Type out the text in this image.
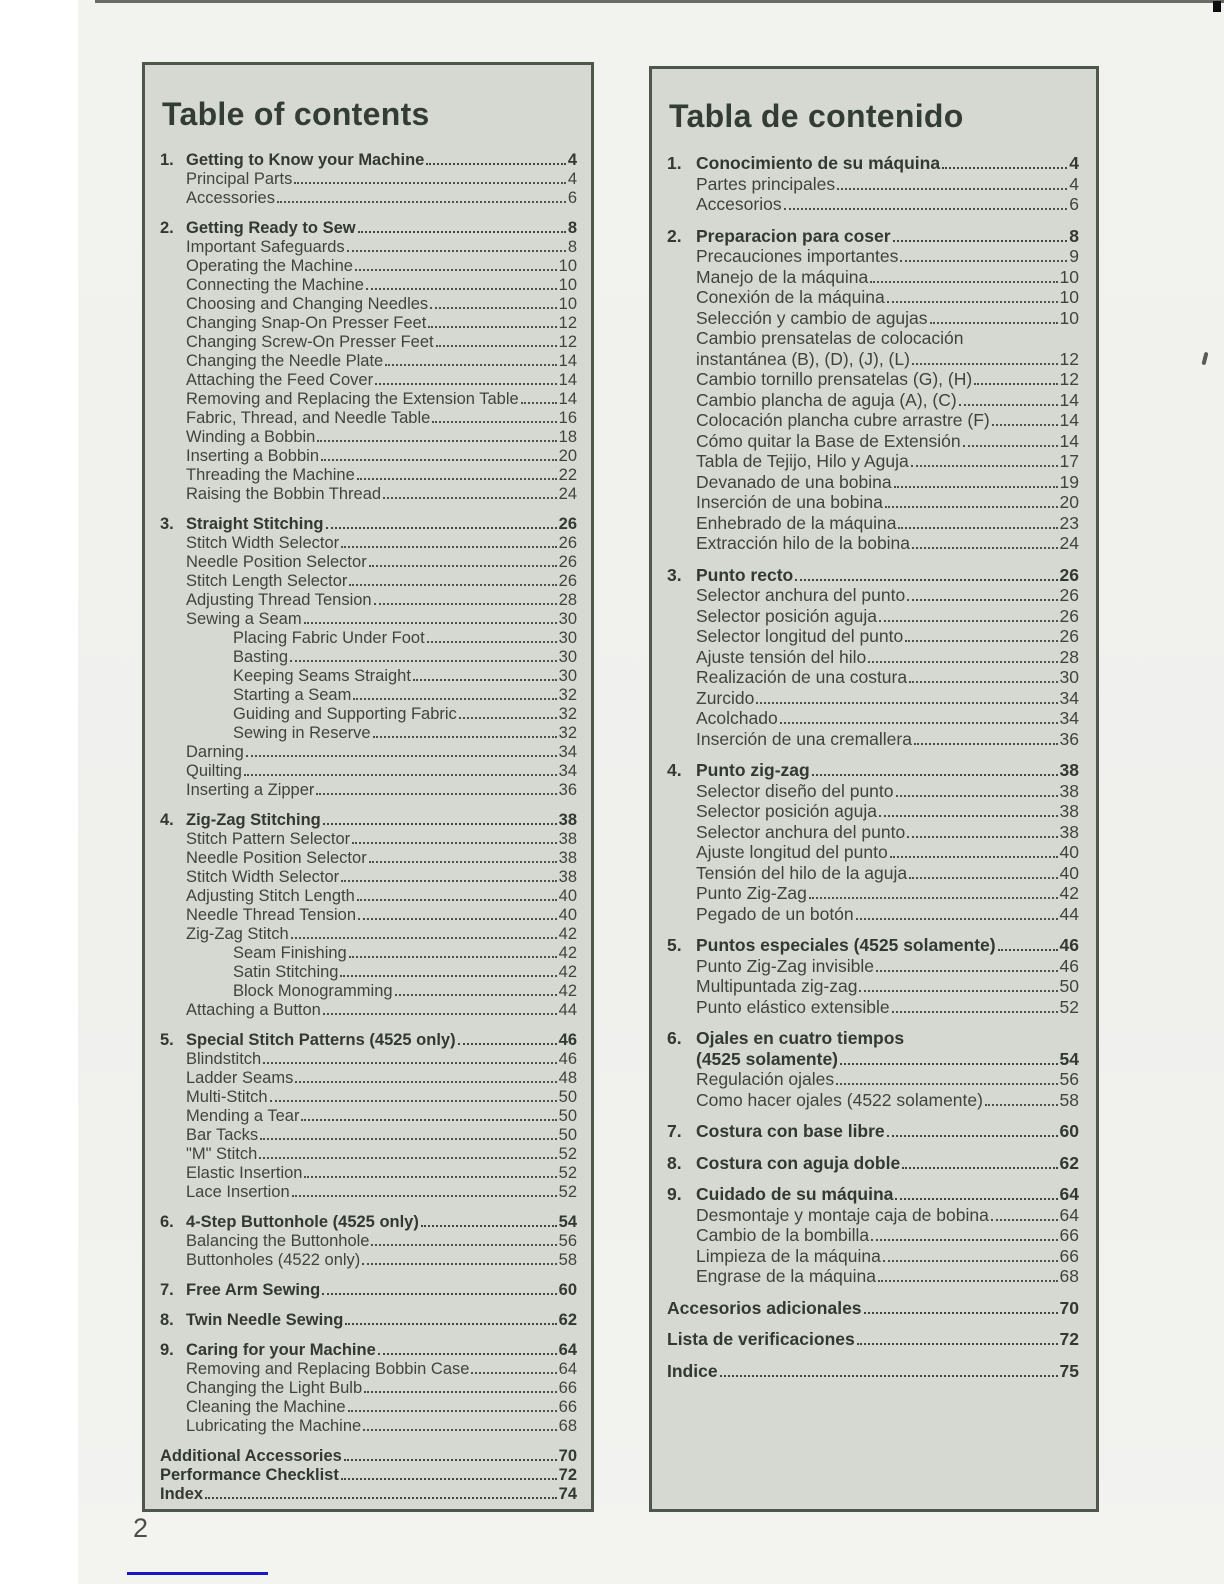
Table of contents
1. Getting to Know your Machine	4
Principal Parts	4
Accessories	6
2. Getting Ready to Sew	8
Important Safeguards	8
Operating the Machine	10
Connecting the Machine	10
Choosing and Changing Needles	10
Changing Snap-On Presser Feet	12
Changing Screw-On Presser Feet	12
Changing the Needle Plate	14
Attaching the Feed Cover	14
Removing and Replacing the Extension Table 14
Fabric, Thread, and Needle Table	16
Winding a Bobbin	18
Inserting a Bobbin	20
Threading the Machine	22
Raising the Bobbin Thread	24
3. Straight Stitching	26
Stitch Width Selector	26
Needle Position Selector	26
Stitch Length Selector	26
Adjusting Thread Tension	28
Sewing a Seam	30
Placing Fabric Under Foot	30
Basting	30
Keeping Seams Straight	30
Starting a Seam	32
Guiding and Supporting Fabric	32
Sewing in Reserve	32
Darning	34
Quilting	34
Inserting a Zipper	36
4. Zig-Zag Stitching	38
Stitch Pattern Selector	38
Needle Position Selector	38
Stitch Width Selector	38
Adjusting Stitch Length	40
Needle Thread Tension	40
Zig-Zag Stitch	42
Seam Finishing	42
Satin Stitching	42
Block Monogramming	42
Attaching a Button	44
5. Special Stitch Patterns (4525 only)	46
Blindstitch	46
Ladder Seams	48
Multi-Stitch	50
Mending a Tear	50
Bar Tacks	50
"M" Stitch	52
Elastic Insertion	52
Lace Insertion	52
6. 4-Step Buttonhole (4525 only)	54
Balancing the Buttonhole	56
Buttonholes (4522 only)	58
7. Free Arm Sewing	60
8. Twin Needle Sewing	62
9. Caring for your Machine	64
Removing and Replacing Bobbin Case	64
Changing the Light Bulb	66
Cleaning the Machine	66
Lubricating the Machine	68
Additional Accessories	70
Performance Checklist	72
Index	74
Tabla de contenido
1. Conocimiento de su máquina	4
Partes principales	4
Accesorios	6
2. Preparacion para coser	8
Precauciones importantes	9
Manejo de la máquina	10
Conexión de la máquina	10
Selección y cambio de agujas	10
Cambio prensatelas de colocación
instantánea (B), (D), (J), (L)	12
Cambio tornillo prensatelas (G), (H)	12
Cambio plancha de aguja (A), (C)	14
Colocación plancha cubre arrastre (F)	14
Cómo quitar la Base de Extensión	14
Tabla de Tejijo, Hilo y Aguja	17
Devanado de una bobina	19
Inserción de una bobina	20
Enhebrado de la máquina	23
Extracción hilo de la bobina	24
3. Punto recto	26
Selector anchura del punto	26
Selector posición aguja	26
Selector longitud del punto	26
Ajuste tensión del hilo	28
Realización de una costura	30
Zurcido	34
Acolchado	34
Inserción de una cremallera	36
4. Punto zig-zag	38
Selector diseño del punto	38
Selector posición aguja	38
Selector anchura del punto	38
Ajuste longitud del punto	40
Tensión del hilo de la aguja	40
Punto Zig-Zag	42
Pegado de un botón	44
5. Puntos especiales (4525 solamente)	46
Punto Zig-Zag invisible	46
Multipuntada zig-zag	50
Punto elástico extensible	52
6. Ojales en cuatro tiempos
(4525 solamente)	54
Regulación ojales	56
Como hacer ojales (4522 solamente)	58
7. Costura con base libre	60
8. Costura con aguja doble	62
9. Cuidado de su máquina	64
Desmontaje y montaje caja de bobina	64
Cambio de la bombilla	66
Limpieza de la máquina	66
Engrase de la máquina	68
Accesorios adicionales	70
Lista de verificaciones	72
Indice	75
2
